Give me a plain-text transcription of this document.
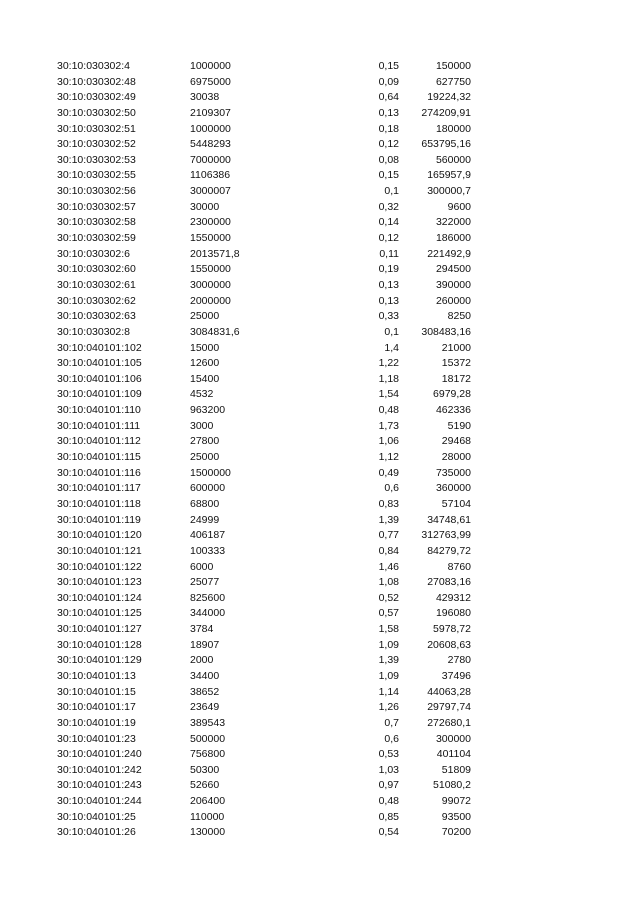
30:10:030302:4	1000000	0,15	150000
30:10:030302:48	6975000	0,09	627750
30:10:030302:49	30038	0,64	19224,32
30:10:030302:50	2109307	0,13	274209,91
30:10:030302:51	1000000	0,18	180000
30:10:030302:52	5448293	0,12	653795,16
30:10:030302:53	7000000	0,08	560000
30:10:030302:55	1106386	0,15	165957,9
30:10:030302:56	3000007	0,1	300000,7
30:10:030302:57	30000	0,32	9600
30:10:030302:58	2300000	0,14	322000
30:10:030302:59	1550000	0,12	186000
30:10:030302:6	2013571,8	0,11	221492,9
30:10:030302:60	1550000	0,19	294500
30:10:030302:61	3000000	0,13	390000
30:10:030302:62	2000000	0,13	260000
30:10:030302:63	25000	0,33	8250
30:10:030302:8	3084831,6	0,1	308483,16
30:10:040101:102	15000	1,4	21000
30:10:040101:105	12600	1,22	15372
30:10:040101:106	15400	1,18	18172
30:10:040101:109	4532	1,54	6979,28
30:10:040101:110	963200	0,48	462336
30:10:040101:111	3000	1,73	5190
30:10:040101:112	27800	1,06	29468
30:10:040101:115	25000	1,12	28000
30:10:040101:116	1500000	0,49	735000
30:10:040101:117	600000	0,6	360000
30:10:040101:118	68800	0,83	57104
30:10:040101:119	24999	1,39	34748,61
30:10:040101:120	406187	0,77	312763,99
30:10:040101:121	100333	0,84	84279,72
30:10:040101:122	6000	1,46	8760
30:10:040101:123	25077	1,08	27083,16
30:10:040101:124	825600	0,52	429312
30:10:040101:125	344000	0,57	196080
30:10:040101:127	3784	1,58	5978,72
30:10:040101:128	18907	1,09	20608,63
30:10:040101:129	2000	1,39	2780
30:10:040101:13	34400	1,09	37496
30:10:040101:15	38652	1,14	44063,28
30:10:040101:17	23649	1,26	29797,74
30:10:040101:19	389543	0,7	272680,1
30:10:040101:23	500000	0,6	300000
30:10:040101:240	756800	0,53	401104
30:10:040101:242	50300	1,03	51809
30:10:040101:243	52660	0,97	51080,2
30:10:040101:244	206400	0,48	99072
30:10:040101:25	110000	0,85	93500
30:10:040101:26	130000	0,54	70200
